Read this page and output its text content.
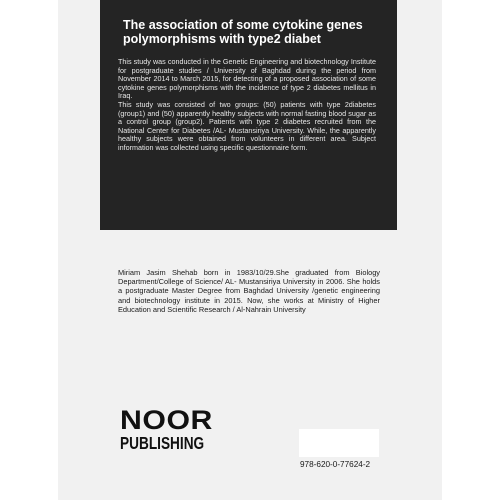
The association of some cytokine genes polymorphisms with type2 diabet

This study was conducted in the Genetic Engineering and biotechnology Institute for postgraduate studies / University of Baghdad during the period from November 2014 to March 2015, for detecting of a proposed association of some cytokine genes polymorphisms with the incidence of type 2 diabetes mellitus in Iraq.

This study was consisted of two groups: (50) patients with type 2diabetes (group1) and (50) apparently healthy subjects with normal fasting blood sugar as a control group (group2). Patients with type 2 diabetes recruited from the National Center for Diabetes /AL- Mustansiriya University. While, the apparently healthy subjects were obtained from volunteers in different area. Subject information was collected using specific questionnaire form.

Miriam Jasim Shehab born in 1983/10/29.She graduated from Biology Department/College of Science/ AL- Mustansiriya University in 2006. She holds a postgraduate Master Degree from Baghdad University /genetic engineering and biotechnology institute in 2015. Now, she works at Ministry of Higher Education and Scientific Research / Al-Nahrain University

NOOR
PUBLISHING

978-620-0-77624-2
